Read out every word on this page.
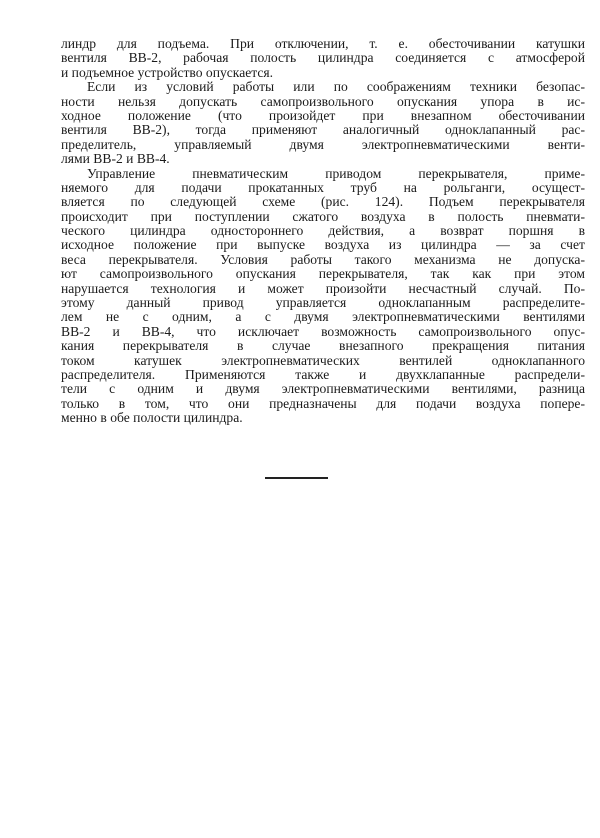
линдр для подъема. При отключении, т. е. обесточивании катушки
вентиля ВВ-2, рабочая полость цилиндра соединяется с атмосферой
и подъемное устройство опускается.
Если из условий работы или по соображениям техники безопас-
ности нельзя допускать самопроизвольного опускания упора в ис-
ходное положение (что произойдет при внезапном обесточивании
вентиля ВВ-2), тогда применяют аналогичный одноклапанный рас-
пределитель, управляемый двумя электропневматическими венти-
лями ВВ-2 и ВВ-4.
Управление пневматическим приводом перекрывателя, приме-
няемого для подачи прокатанных труб на рольганги, осущест-
вляется по следующей схеме (рис. 124). Подъем перекрывателя
происходит при поступлении сжатого воздуха в полость пневмати-
ческого цилиндра одностороннего действия, а возврат поршня в
исходное положение при выпуске воздуха из цилиндра — за счет
веса перекрывателя. Условия работы такого механизма не допуска-
ют самопроизвольного опускания перекрывателя, так как при этом
нарушается технология и может произойти несчастный случай. По-
этому данный привод управляется одноклапанным распределите-
лем не с одним, а с двумя электропневматическими вентилями
ВВ-2 и ВВ-4, что исключает возможность самопроизвольного опус-
кания перекрывателя в случае внезапного прекращения питания
током катушек электропневматических вентилей одноклапанного
распределителя. Применяются также и двухклапанные распредели-
тели с одним и двумя электропневматическими вентилями, разница
только в том, что они предназначены для подачи воздуха попере-
менно в обе полости цилиндра.
